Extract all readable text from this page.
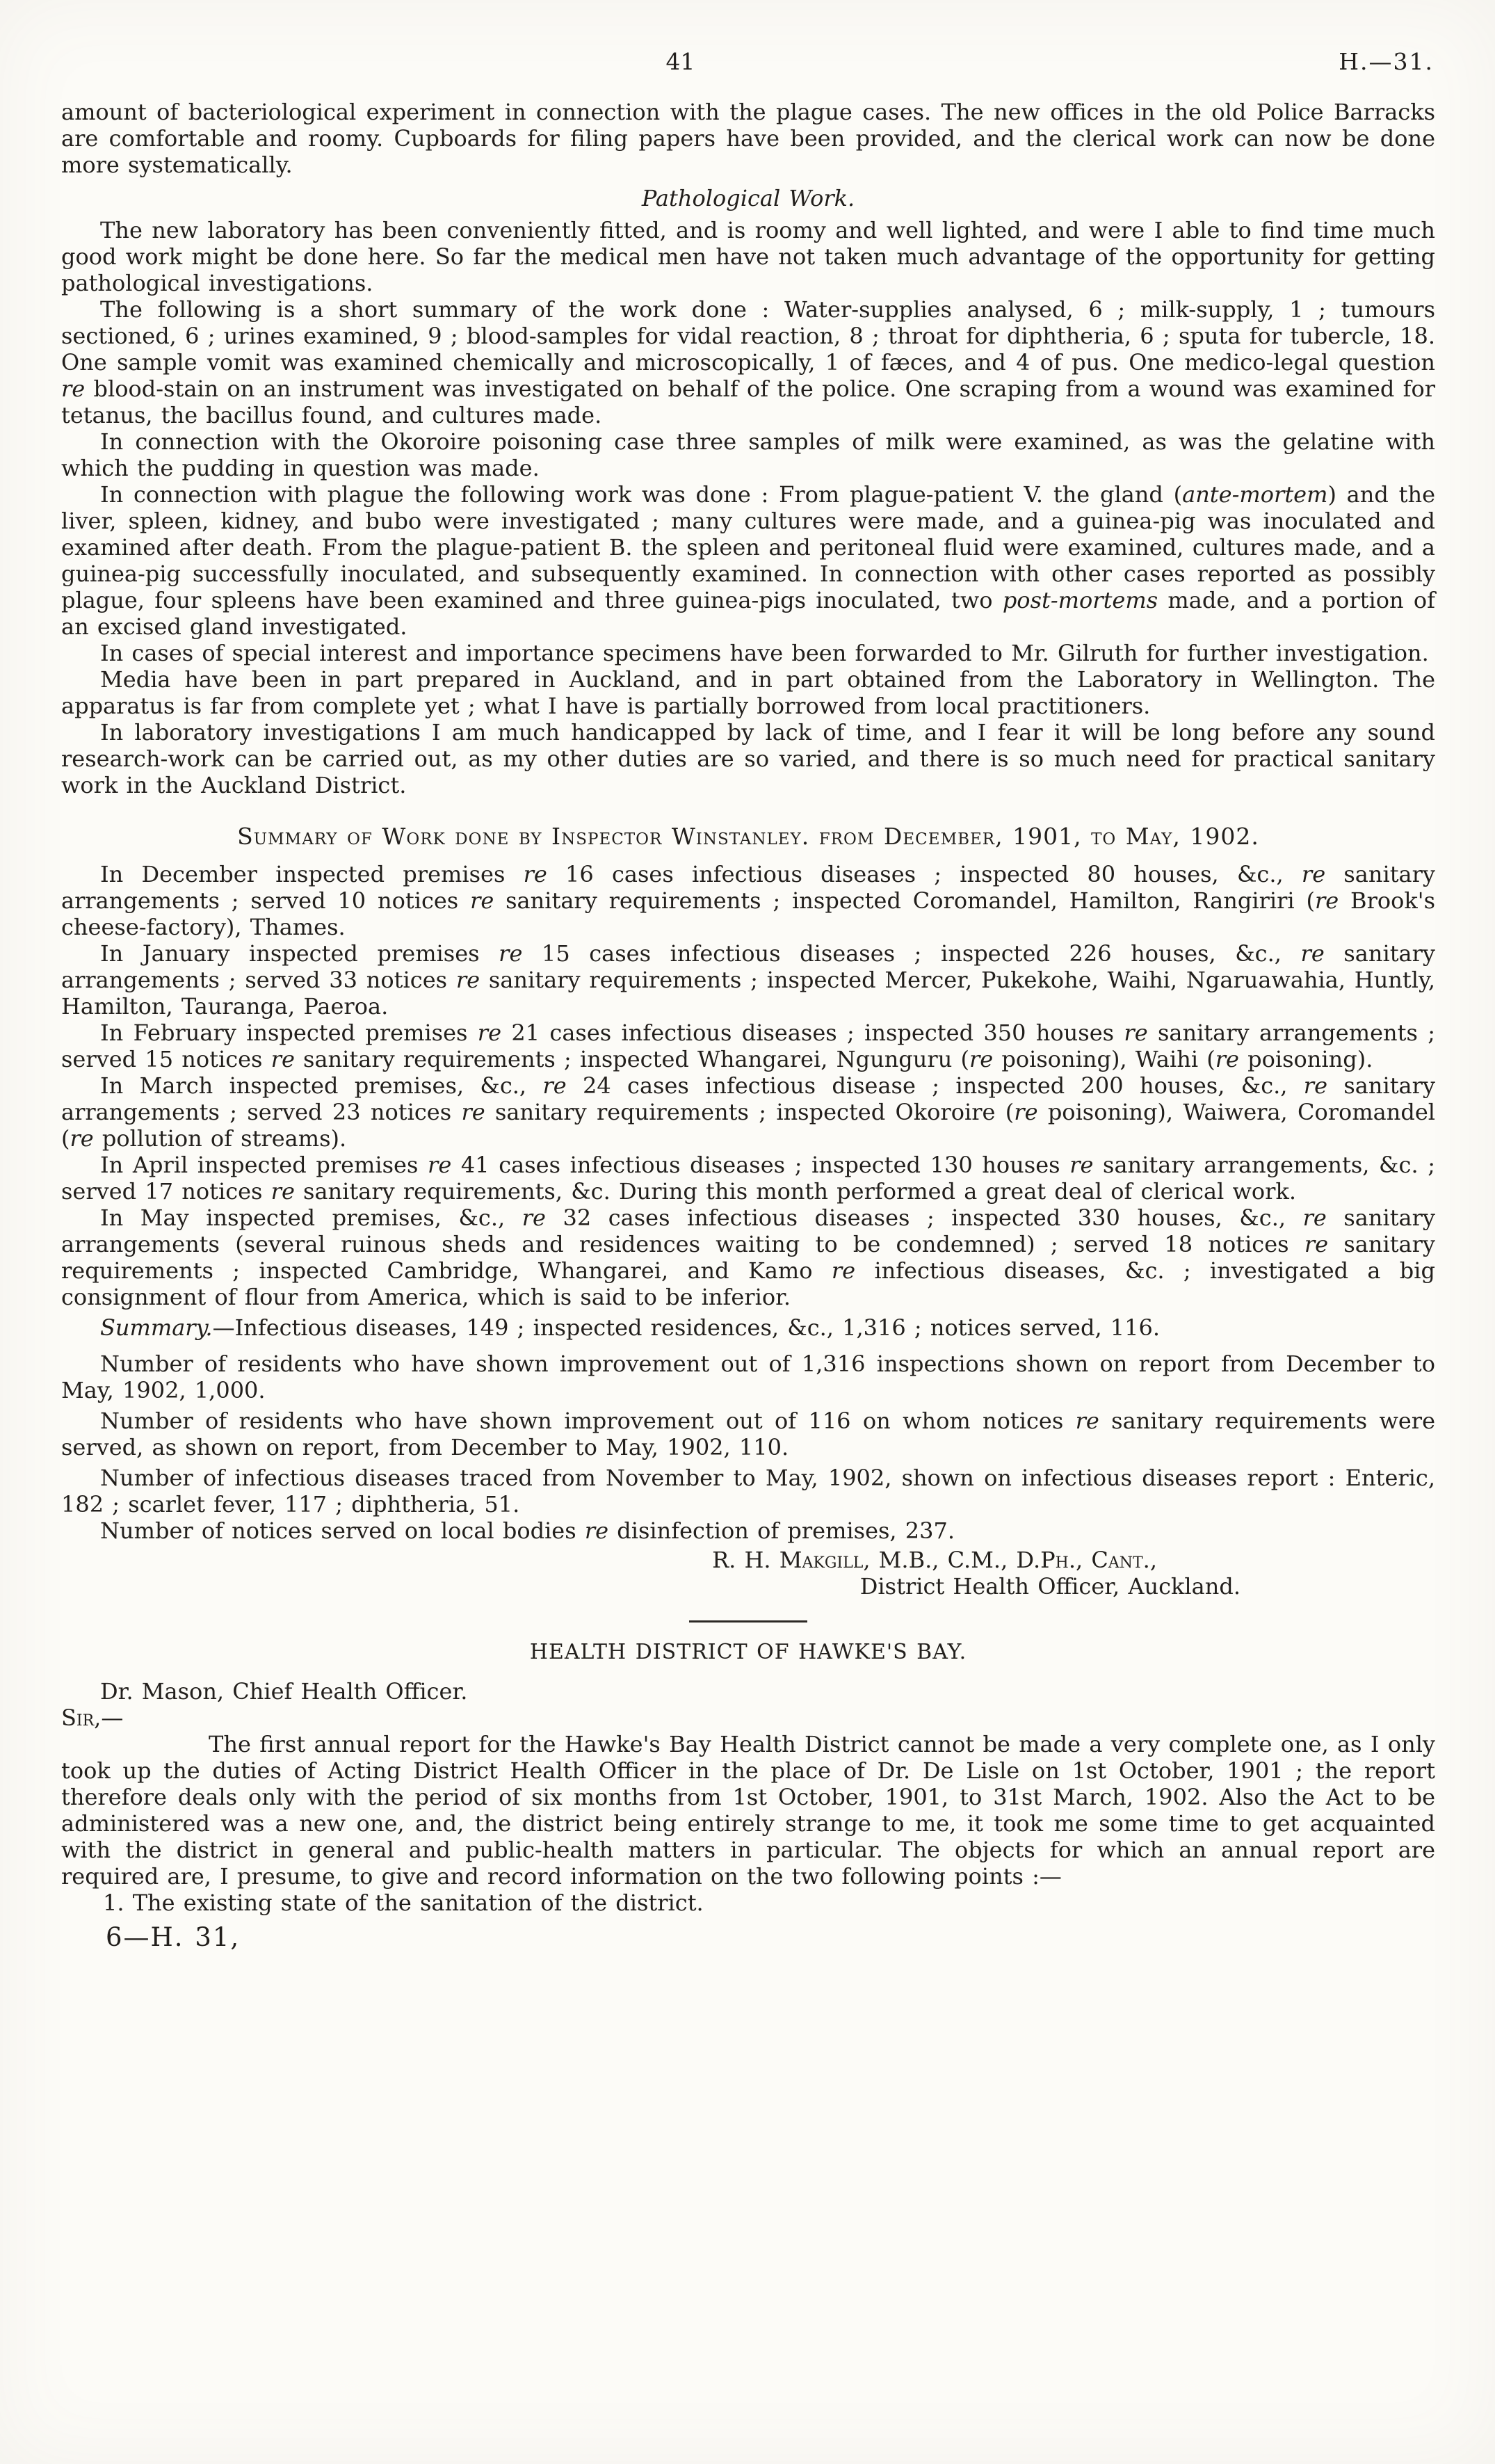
41	H.—31.

amount of bacteriological experiment in connection with the plague cases. The new offices in the old Police Barracks are comfortable and roomy. Cupboards for filing papers have been provided, and the clerical work can now be done more systematically.

Pathological Work.

The new laboratory has been conveniently fitted, and is roomy and well lighted, and were I able to find time much good work might be done here. So far the medical men have not taken much advantage of the opportunity for getting pathological investigations.

The following is a short summary of the work done : Water-supplies analysed, 6 ; milk-supply, 1 ; tumours sectioned, 6 ; urines examined, 9 ; blood-samples for vidal reaction, 8 ; throat for diphtheria, 6 ; sputa for tubercle, 18. One sample vomit was examined chemically and microscopically, 1 of fæces, and 4 of pus. One medico-legal question re blood-stain on an instrument was investigated on behalf of the police. One scraping from a wound was examined for tetanus, the bacillus found, and cultures made.

In connection with the Okoroire poisoning case three samples of milk were examined, as was the gelatine with which the pudding in question was made.

In connection with plague the following work was done : From plague-patient V. the gland (ante-mortem) and the liver, spleen, kidney, and bubo were investigated ; many cultures were made, and a guinea-pig was inoculated and examined after death. From the plague-patient B. the spleen and peritoneal fluid were examined, cultures made, and a guinea-pig successfully inoculated, and subsequently examined. In connection with other cases reported as possibly plague, four spleens have been examined and three guinea-pigs inoculated, two post-mortems made, and a portion of an excised gland investigated.

In cases of special interest and importance specimens have been forwarded to Mr. Gilruth for further investigation.

Media have been in part prepared in Auckland, and in part obtained from the Laboratory in Wellington. The apparatus is far from complete yet ; what I have is partially borrowed from local practitioners.

In laboratory investigations I am much handicapped by lack of time, and I fear it will be long before any sound research-work can be carried out, as my other duties are so varied, and there is so much need for practical sanitary work in the Auckland District.

Summary of Work done by Inspector Winstanley. from December, 1901, to May, 1902.

In December inspected premises re 16 cases infectious diseases ; inspected 80 houses, &c., re sanitary arrangements ; served 10 notices re sanitary requirements ; inspected Coromandel, Hamilton, Rangiriri (re Brook's cheese-factory), Thames.

In January inspected premises re 15 cases infectious diseases ; inspected 226 houses, &c., re sanitary arrangements ; served 33 notices re sanitary requirements ; inspected Mercer, Pukekohe, Waihi, Ngaruawahia, Huntly, Hamilton, Tauranga, Paeroa.

In February inspected premises re 21 cases infectious diseases ; inspected 350 houses re sanitary arrangements ; served 15 notices re sanitary requirements ; inspected Whangarei, Ngunguru (re poisoning), Waihi (re poisoning).

In March inspected premises, &c., re 24 cases infectious disease ; inspected 200 houses, &c., re sanitary arrangements ; served 23 notices re sanitary requirements ; inspected Okoroire (re poisoning), Waiwera, Coromandel (re pollution of streams).

In April inspected premises re 41 cases infectious diseases ; inspected 130 houses re sanitary arrangements, &c. ; served 17 notices re sanitary requirements, &c. During this month performed a great deal of clerical work.

In May inspected premises, &c., re 32 cases infectious diseases ; inspected 330 houses, &c., re sanitary arrangements (several ruinous sheds and residences waiting to be condemned) ; served 18 notices re sanitary requirements ; inspected Cambridge, Whangarei, and Kamo re infectious diseases, &c. ; investigated a big consignment of flour from America, which is said to be inferior.

Summary.—Infectious diseases, 149 ; inspected residences, &c., 1,316 ; notices served, 116.

Number of residents who have shown improvement out of 1,316 inspections shown on report from December to May, 1902, 1,000.

Number of residents who have shown improvement out of 116 on whom notices re sanitary requirements were served, as shown on report, from December to May, 1902, 110.

Number of infectious diseases traced from November to May, 1902, shown on infectious diseases report : Enteric, 182 ; scarlet fever, 117 ; diphtheria, 51.

Number of notices served on local bodies re disinfection of premises, 237.

R. H. Makgill, M.B., C.M., D.Ph., Cant.,

District Health Officer, Auckland.

HEALTH DISTRICT OF HAWKE'S BAY.

Dr. Mason, Chief Health Officer.

Sir,—

The first annual report for the Hawke's Bay Health District cannot be made a very complete one, as I only took up the duties of Acting District Health Officer in the place of Dr. De Lisle on 1st October, 1901 ; the report therefore deals only with the period of six months from 1st October, 1901, to 31st March, 1902. Also the Act to be administered was a new one, and, the district being entirely strange to me, it took me some time to get acquainted with the district in general and public-health matters in particular. The objects for which an annual report are required are, I presume, to give and record information on the two following points :—

1. The existing state of the sanitation of the district.

6—H. 31,
